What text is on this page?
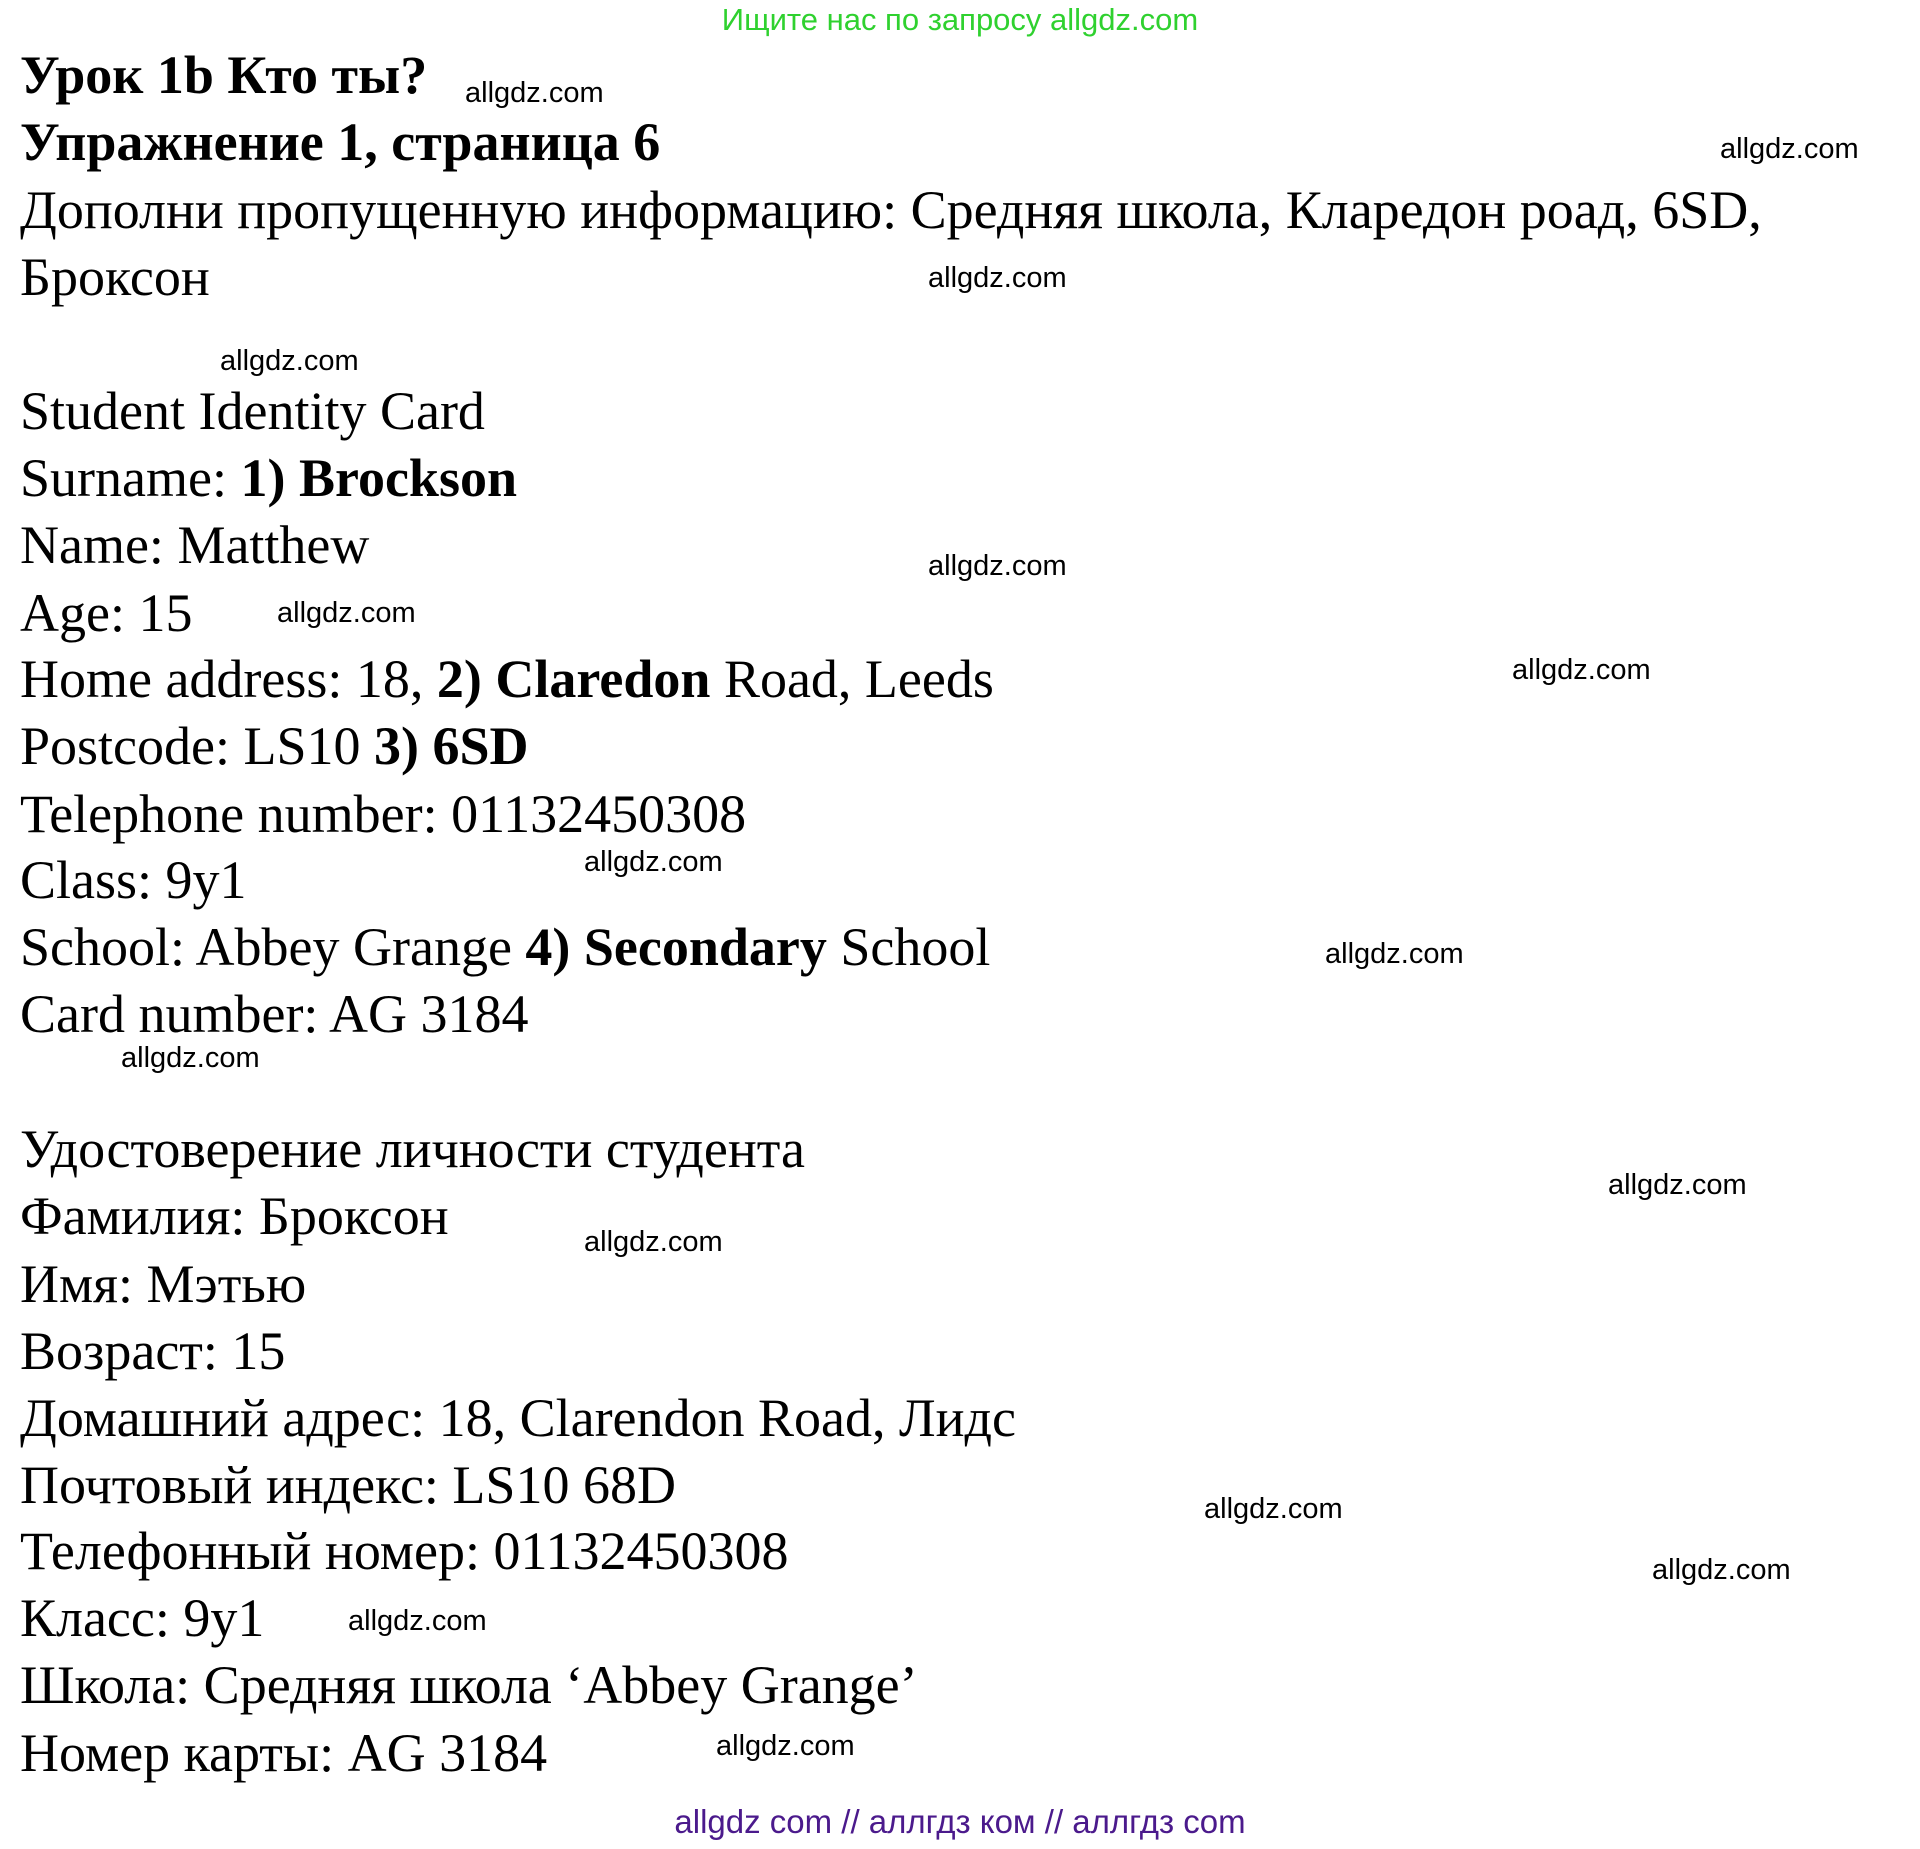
Ищите нас по запросу allgdz.com
Урок 1b Кто ты?
Упражнение 1, страница 6
Дополни пропущенную информацию: Средняя школа, Кларедон роад, 6SD,
Броксон
Student Identity Card
Surname: 1) Brockson
Name: Matthew
Age: 15
Home address: 18, 2) Claredon Road, Leeds
Postcode: LS10 3) 6SD
Telephone number: 01132450308
Class: 9y1
School: Abbey Grange 4) Secondary School
Card number: AG 3184
Удостоверение личности студента
Фамилия: Броксон
Имя: Мэтью
Возраст: 15
Домашний адрес: 18, Clarendon Road, Лидс
Почтовый индекс: LS10 68D
Телефонный номер: 01132450308
Класс: 9y1
Школа: Средняя школа ‘Abbey Grange’
Номер карты: AG 3184
allgdz.com
allgdz.com
allgdz.com
allgdz.com
allgdz.com
allgdz.com
allgdz.com
allgdz.com
allgdz.com
allgdz.com
allgdz.com
allgdz.com
allgdz.com
allgdz.com
allgdz.com
allgdz.com
allgdz com // аллгдз ком // аллгдз com
